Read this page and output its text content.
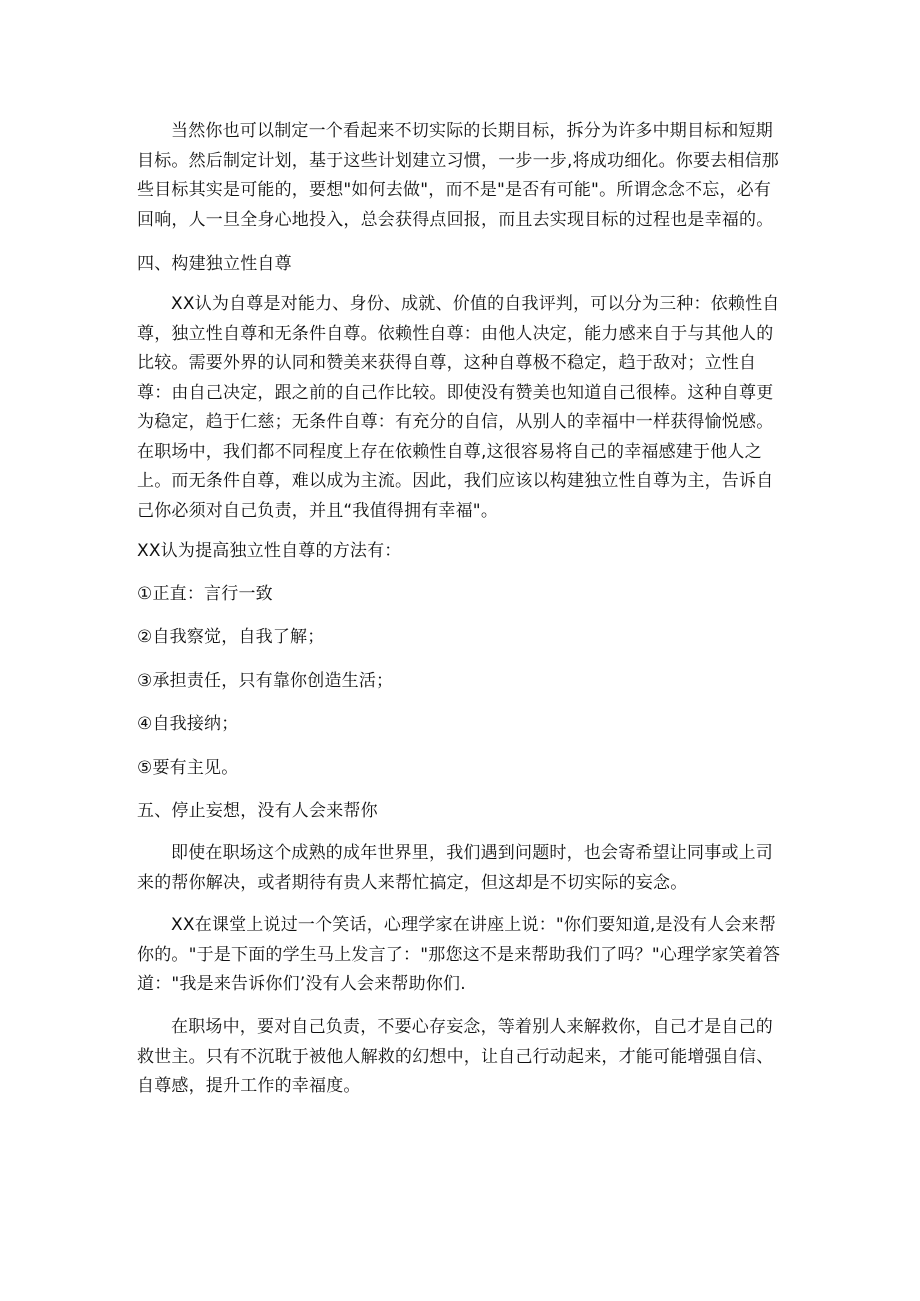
当然你也可以制定一个看起来不切实际的长期目标，拆分为许多中期目标和短期目标。然后制定计划，基于这些计划建立习惯，一步一步,将成功细化。你要去相信那些目标其实是可能的，要想"如何去做"，而不是"是否有可能"。所谓念念不忘，必有回响，人一旦全身心地投入，总会获得点回报，而且去实现目标的过程也是幸福的。

四、构建独立性自尊

XX认为自尊是对能力、身份、成就、价值的自我评判，可以分为三种：依赖性自尊，独立性自尊和无条件自尊。依赖性自尊：由他人决定，能力感来自于与其他人的比较。需要外界的认同和赞美来获得自尊，这种自尊极不稳定，趋于敌对；立性自尊：由自己决定，跟之前的自己作比较。即使没有赞美也知道自己很棒。这种自尊更为稳定，趋于仁慈；无条件自尊：有充分的自信，从别人的幸福中一样获得愉悦感。在职场中，我们都不同程度上存在依赖性自尊,这很容易将自己的幸福感建于他人之上。而无条件自尊，难以成为主流。因此，我们应该以构建独立性自尊为主，告诉自己你必须对自己负责，并且“我值得拥有幸福"。

XX认为提高独立性自尊的方法有：

①正直：言行一致

②自我察觉，自我了解；

③承担责任，只有靠你创造生活；

④自我接纳；

⑤要有主见。

五、停止妄想，没有人会来帮你

即使在职场这个成熟的成年世界里，我们遇到问题时，也会寄希望让同事或上司来的帮你解决，或者期待有贵人来帮忙搞定，但这却是不切实际的妄念。

XX在课堂上说过一个笑话，心理学家在讲座上说："你们要知道,是没有人会来帮你的。"于是下面的学生马上发言了："那您这不是来帮助我们了吗？"心理学家笑着答道："我是来告诉你们’没有人会来帮助你们.

在职场中，要对自己负责，不要心存妄念，等着别人来解救你，自己才是自己的救世主。只有不沉耽于被他人解救的幻想中，让自己行动起来，才能可能增强自信、自尊感，提升工作的幸福度。
